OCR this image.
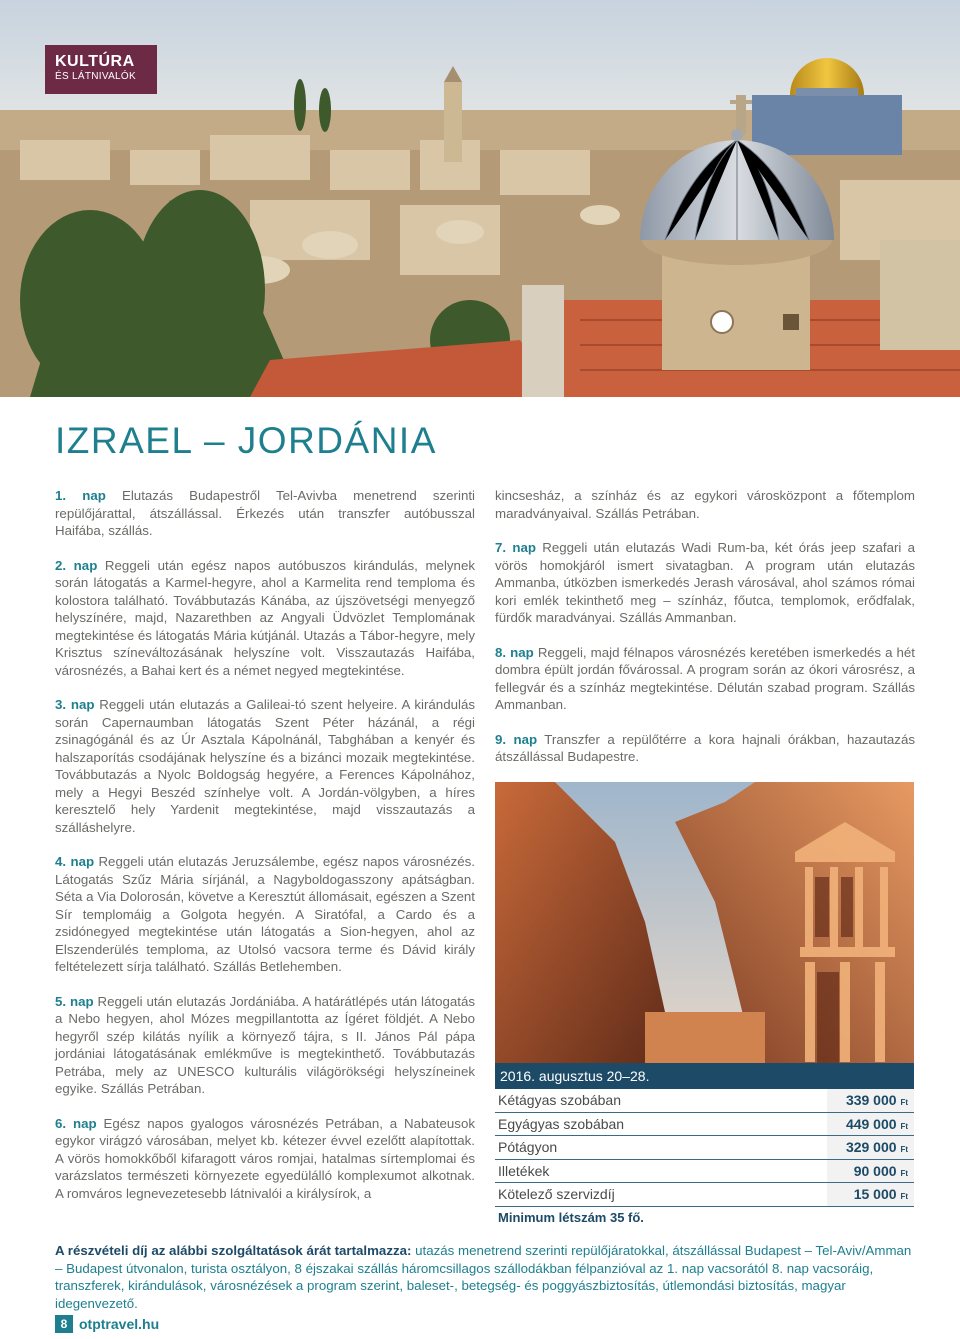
KULTÚRA
ÉS LÁTNIVALÓK
IZRAEL – JORDÁNIA

1. nap Elutazás Budapestről Tel-Avivba menetrend szerinti repülőjárattal, átszállással. Érkezés után transzfer autóbusszal Haifába, szállás.

2. nap Reggeli után egész napos autóbuszos kirándulás, melynek során látogatás a Karmel-hegyre, ahol a Karmelita rend temploma és kolostora található. Továbbutazás Kánába, az újszövetségi menyegző helyszínére, majd, Nazarethben az Angyali Üdvözlet Templomának megtekintése és látogatás Mária kútjánál. Utazás a Tábor-hegyre, mely Krisztus színeváltozásának helyszíne volt. Visszautazás Haifába, városnézés, a Bahai kert és a német negyed megtekintése.

3. nap Reggeli után elutazás a Galileai-tó szent helyeire. A kirándulás során Capernaumban látogatás Szent Péter házánál, a régi zsinagógánál és az Úr Asztala Kápolnánál, Tabghában a kenyér és halszaporítás csodájának helyszíne és a bizánci mozaik megtekintése. Továbbutazás a Nyolc Boldogság hegyére, a Ferences Kápolnához, mely a Hegyi Beszéd színhelye volt. A Jordán-völgyben, a híres keresztelő hely Yardenit megtekintése, majd visszautazás a szálláshelyre.

4. nap Reggeli után elutazás Jeruzsálembe, egész napos városnézés. Látogatás Szűz Mária sírjánál, a Nagyboldogasszony apátságban. Séta a Via Dolorosán, követve a Keresztút állomásait, egészen a Szent Sír templomáig a Golgota hegyén. A Siratófal, a Cardo és a zsidónegyed megtekintése után látogatás a Sion-hegyen, ahol az Elszenderülés temploma, az Utolsó vacsora terme és Dávid király feltételezett sírja található. Szállás Betlehemben.

5. nap Reggeli után elutazás Jordániába. A határátlépés után látogatás a Nebo hegyen, ahol Mózes megpillantotta az Ígéret földjét. A Nebo hegyről szép kilátás nyílik a környező tájra, s II. János Pál pápa jordániai látogatásának emlékműve is megtekinthető. Továbbutazás Petrába, mely az UNESCO kulturális világörökségi helyszíneinek egyike. Szállás Petrában.

6. nap Egész napos gyalogos városnézés Petrában, a Nabateusok egykor virágzó városában, melyet kb. kétezer évvel ezelőtt alapítottak. A vörös homokkőből kifaragott város romjai, hatalmas sírtemplomai és varázslatos természeti környezete egyedülálló komplexumot alkotnak. A romváros legnevezetesebb látnivalói a királysírok, a

kincsesház, a színház és az egykori városközpont a főtemplom maradványaival. Szállás Petrában.

7. nap Reggeli után elutazás Wadi Rum-ba, két órás jeep szafari a vörös homokjáról ismert sivatagban. A program után elutazás Ammanba, útközben ismerkedés Jerash városával, ahol számos római kori emlék tekinthető meg – színház, főutca, templomok, erődfalak, fürdők maradványai. Szállás Ammanban.

8. nap Reggeli, majd félnapos városnézés keretében ismerkedés a hét dombra épült jordán fővárossal. A program során az ókori városrész, a fellegvár és a színház megtekintése. Délután szabad program. Szállás Ammanban.

9. nap Transzfer a repülőtérre a kora hajnali órákban, hazautazás átszállással Budapestre.

2016. augusztus 20–28.
Kétágyas szobában	339 000 Ft
Egyágyas szobában	449 000 Ft
Pótágyon	329 000 Ft
Illetékek	90 000 Ft
Kötelező szervizdíj	15 000 Ft
Minimum létszám 35 fő.
A részvételi díj az alábbi szolgáltatások árát tartalmazza: utazás menetrend szerinti repülőjáratokkal, átszállással Budapest – Tel-Aviv/Amman – Budapest útvonalon, turista osztályon, 8 éjszakai szállás háromcsillagos szállodákban félpanzióval az 1. nap vacsorától 8. nap vacsoráig, transzferek, kirándulások, városnézések a program szerint, baleset-, betegség- és poggyászbiztosítás, útlemondási biztosítás, magyar idegenvezető.
8 otptravel.hu
